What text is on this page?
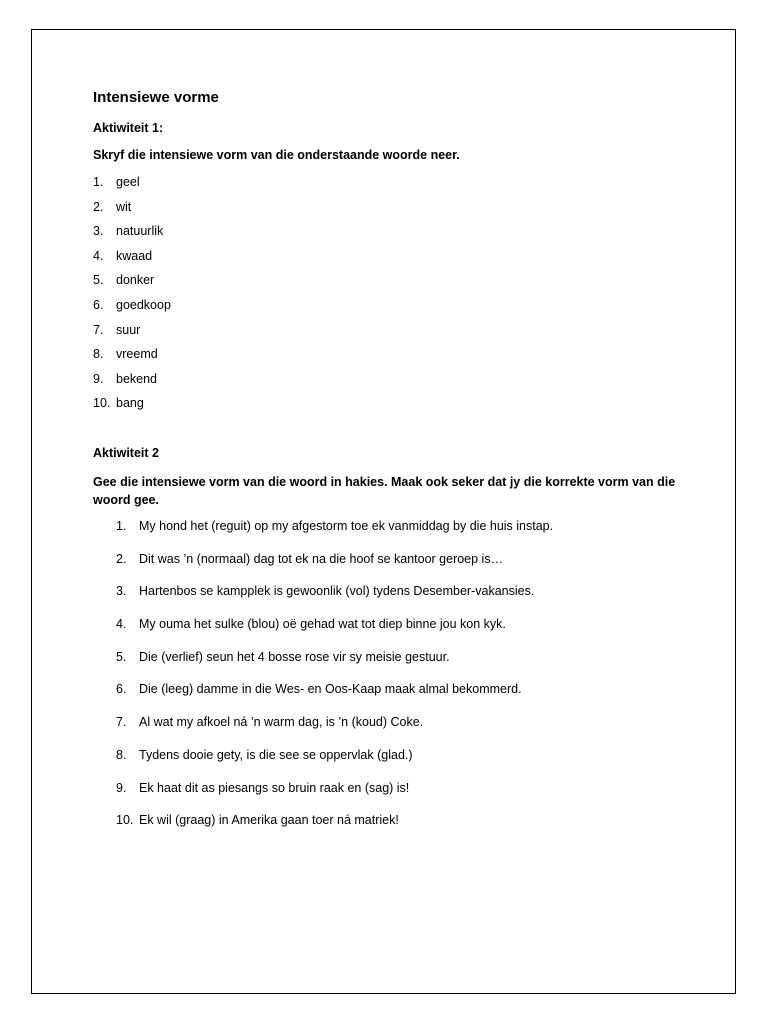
Intensiewe vorme
Aktiwiteit 1:
Skryf die intensiewe vorm van die onderstaande woorde neer.
1. geel
2. wit
3. natuurlik
4. kwaad
5. donker
6. goedkoop
7. suur
8. vreemd
9. bekend
10. bang
Aktiwiteit 2
Gee die intensiewe vorm van die woord in hakies. Maak ook seker dat jy die korrekte vorm van die woord gee.
1. My hond het (reguit) op my afgestorm toe ek vanmiddag by die huis instap.
2. Dit was ’n (normaal) dag tot ek na die hoof se kantoor geroep is…
3. Hartenbos se kampplek is gewoonlik (vol) tydens Desember-vakansies.
4. My ouma het sulke (blou) oë gehad wat tot diep binne jou kon kyk.
5. Die (verlief) seun het 4 bosse rose vir sy meisie gestuur.
6. Die (leeg) damme in die Wes- en Oos-Kaap maak almal bekommerd.
7. Al wat my afkoel ná ’n warm dag, is ’n (koud) Coke.
8. Tydens dooie gety, is die see se oppervlak (glad.)
9. Ek haat dit as piesangs so bruin raak en (sag) is!
10. Ek wil (graag) in Amerika gaan toer ná matriek!
